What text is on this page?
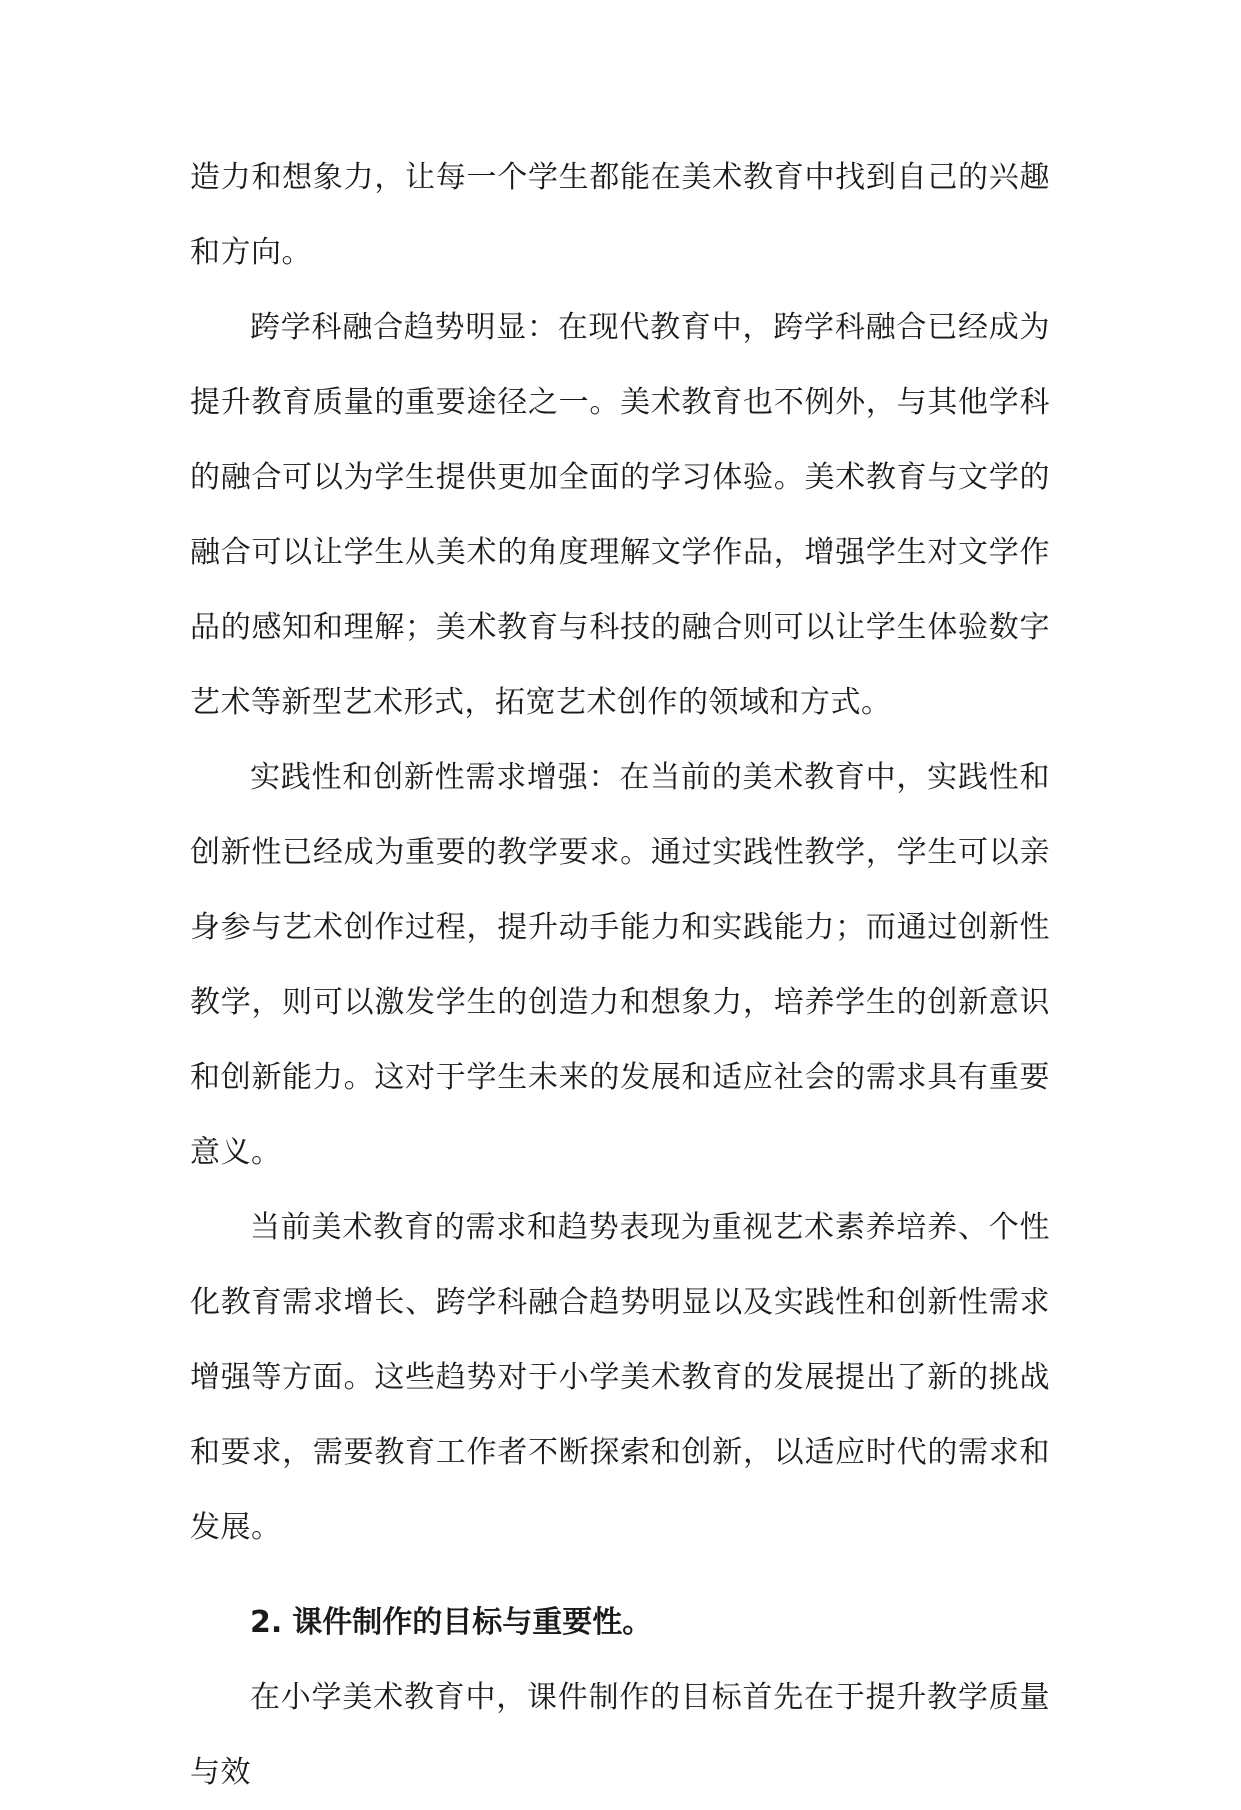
造力和想象力，让每一个学生都能在美术教育中找到自己的兴趣和方向。

跨学科融合趋势明显：在现代教育中，跨学科融合已经成为提升教育质量的重要途径之一。美术教育也不例外，与其他学科的融合可以为学生提供更加全面的学习体验。美术教育与文学的融合可以让学生从美术的角度理解文学作品，增强学生对文学作品的感知和理解；美术教育与科技的融合则可以让学生体验数字艺术等新型艺术形式，拓宽艺术创作的领域和方式。

实践性和创新性需求增强：在当前的美术教育中，实践性和创新性已经成为重要的教学要求。通过实践性教学，学生可以亲身参与艺术创作过程，提升动手能力和实践能力；而通过创新性教学，则可以激发学生的创造力和想象力，培养学生的创新意识和创新能力。这对于学生未来的发展和适应社会的需求具有重要意义。

当前美术教育的需求和趋势表现为重视艺术素养培养、个性化教育需求增长、跨学科融合趋势明显以及实践性和创新性需求增强等方面。这些趋势对于小学美术教育的发展提出了新的挑战和要求，需要教育工作者不断探索和创新，以适应时代的需求和发展。

2. 课件制作的目标与重要性。

在小学美术教育中，课件制作的目标首先在于提升教学质量与效
